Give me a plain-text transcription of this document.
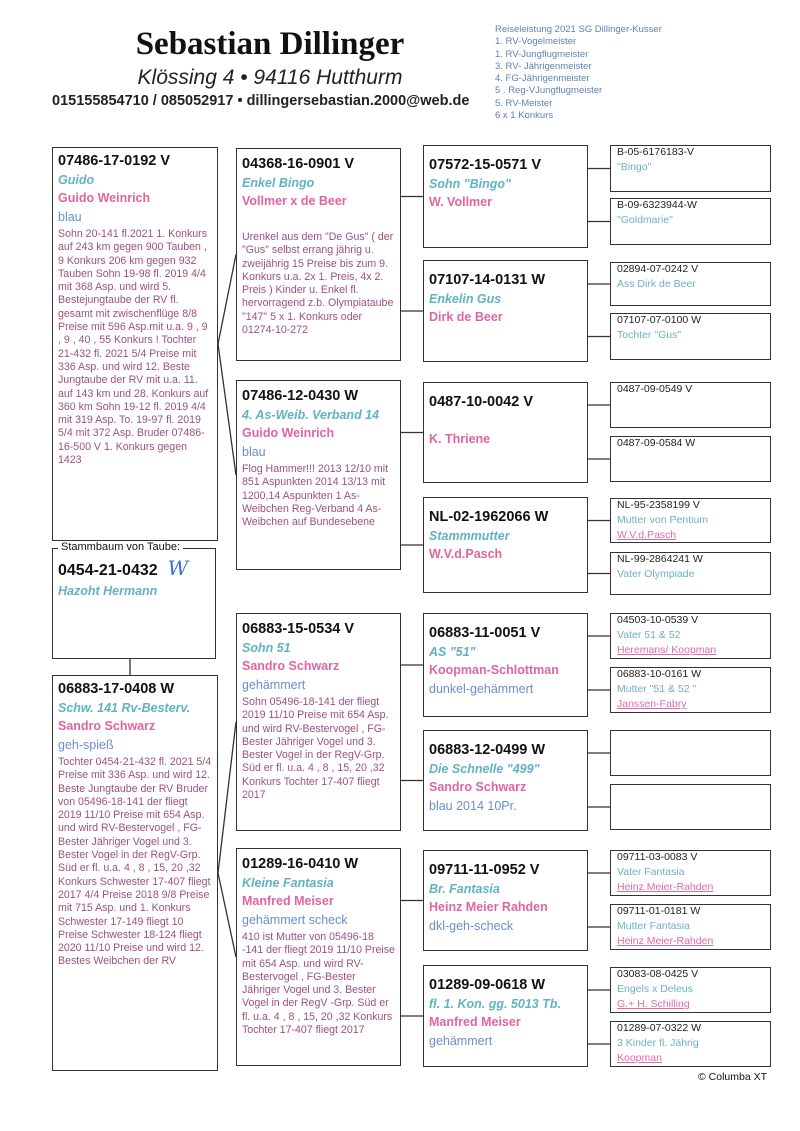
Sebastian Dillinger
Klössing 4 • 94116 Hutthurm
015155854710 / 085052917 • dillingersebastian.2000@web.de
Reiseleistung 2021 SG Dillinger-Kusser
1. RV-Vogelmeister
1. RV-Jungflugmeister
3. RV- Jährigenmeister
4. FG-Jährigenmeister
5 . Reg-VJungflugmeister
5. RV-Meister
6 x 1 Konkurs
0454-21-0432 W
Hazoht Hermann
Stammbaum von Taube:
07486-17-0192 V
Guido
Guido Weinrich
blau
Sohn 20-141 fl.2021 1. Konkurs auf 243 km gegen 900 Tauben , 9 Konkurs 206 km gegen 932 Tauben Sohn 19-98 fl. 2019 4/4 mit 368 Asp. und wird 5. Bestejungtaube der RV fl. gesamt mit zwischenflüge 8/8 Preise mit 596 Asp.mit u.a. 9 , 9 , 9 , 40 , 55 Konkurs ! Tochter 21-432 fl. 2021 5/4 Preise mit 336 Asp. und wird 12. Beste Jungtaube der RV mit u.a. 11. auf 143 km und 28. Konkurs auf 360 km Sohn 19-12 fl. 2019 4/4 mit 319 Asp. To. 19-97 fl. 2019 5/4 mit 372 Asp. Bruder 07486-16-500 V 1. Konkurs gegen 1423
06883-17-0408 W
Schw. 141 Rv-Besterv.
Sandro Schwarz
geh-spieß
Tochter 0454-21-432 fl. 2021 5/4 Preise mit 336 Asp. und wird 12. Beste Jungtaube der RV Bruder von 05496-18-141 der fliegt 2019 11/10 Preise mit 654 Asp. und wird RV-Bestervogel , FG-Bester Jähriger Vogel und 3. Bester Vogel in der RegV-Grp. Süd er fl. u.a. 4 , 8 , 15, 20 ,32 Konkurs Schwester 17-407 fliegt 2017 4/4 Preise 2018 9/8 Preise mit 715 Asp. und 1. Konkurs Schwester 17-149 fliegt 10 Preise Schwester 18-124 fliegt 2020 11/10 Preise und wird 12. Bestes Weibchen der RV
04368-16-0901 V
Enkel Bingo
Vollmer x de Beer
Urenkel aus dem "De Gus" ( der "Gus" selbst errang jährig u. zweijährig 15 Preise bis zum 9. Konkurs u.a. 2x 1. Preis, 4x 2. Preis ) Kinder u. Enkel fl. hervorragend z.b. Olympiataube "147" 5 x 1. Konkurs oder 01274-10-272
07486-12-0430 W
4. As-Weib. Verband 14
Guido Weinrich
blau
Flog Hammer!!! 2013 12/10 mit 851 Aspunkten 2014 13/13 mit 1200,14 Aspunkten 1 As-Weibchen Reg-Verband 4 As-Weibchen auf Bundesebene
06883-15-0534 V
Sohn 51
Sandro Schwarz
gehämmert
Sohn 05496-18-141 der fliegt 2019 11/10 Preise mit 654 Asp. und wird RV-Bestervogel , FG-Bester Jähriger Vogel und 3. Bester Vogel in der RegV-Grp. Süd er fl. u.a. 4 , 8 , 15, 20 ,32 Konkurs Tochter 17-407 fliegt 2017
01289-16-0410 W
Kleine Fantasia
Manfred Meiser
gehämmert scheck
410 ist Mutter von 05496-18 -141 der fliegt 2019 11/10 Preise mit 654 Asp. und wird RV-Bestervogel , FG-Bester Jähriger Vogel und 3. Bester Vogel in der RegV -Grp. Süd er fl. u.a. 4 , 8 , 15, 20 ,32 Konkurs Tochter 17-407 fliegt 2017
07572-15-0571 V
Sohn "Bingo"
W. Vollmer
07107-14-0131 W
Enkelin Gus
Dirk de Beer
0487-10-0042 V
K. Thriene
NL-02-1962066 W
Stammmutter
W.V.d.Pasch
06883-11-0051 V
AS "51"
Koopman-Schlottman
dunkel-gehämmert
06883-12-0499 W
Die Schnelle "499"
Sandro Schwarz
blau 2014 10Pr.
09711-11-0952 V
Br. Fantasia
Heinz Meier Rahden
dkl-geh-scheck
01289-09-0618 W
fl. 1. Kon. gg. 5013 Tb.
Manfred Meiser
gehämmert
B-05-6176183-V
"Bingo"
B-09-6323944-W
"Goldmarie"
02894-07-0242 V
Ass Dirk de Beer
07107-07-0100 W
Tochter "Gus"
0487-09-0549 V
0487-09-0584 W
NL-95-2358199 V
Mutter von Pentium
W.V.d.Pasch
NL-99-2864241 W
Vater Olympiade
04503-10-0539 V
Vater 51 & 52
Heremans/ Koopman
06883-10-0161 W
Mutter "51 & 52 "
Janssen-Fabry
09711-03-0083 V
Vater Fantasia
Heinz Meier-Rahden
09711-01-0181 W
Mutter Fantasia
Heinz Meier-Rahden
03083-08-0425 V
Engels x Deleus
G.+ H. Schilling
01289-07-0322 W
3 Kinder fl. Jährig
Koopman
© Columba XT
